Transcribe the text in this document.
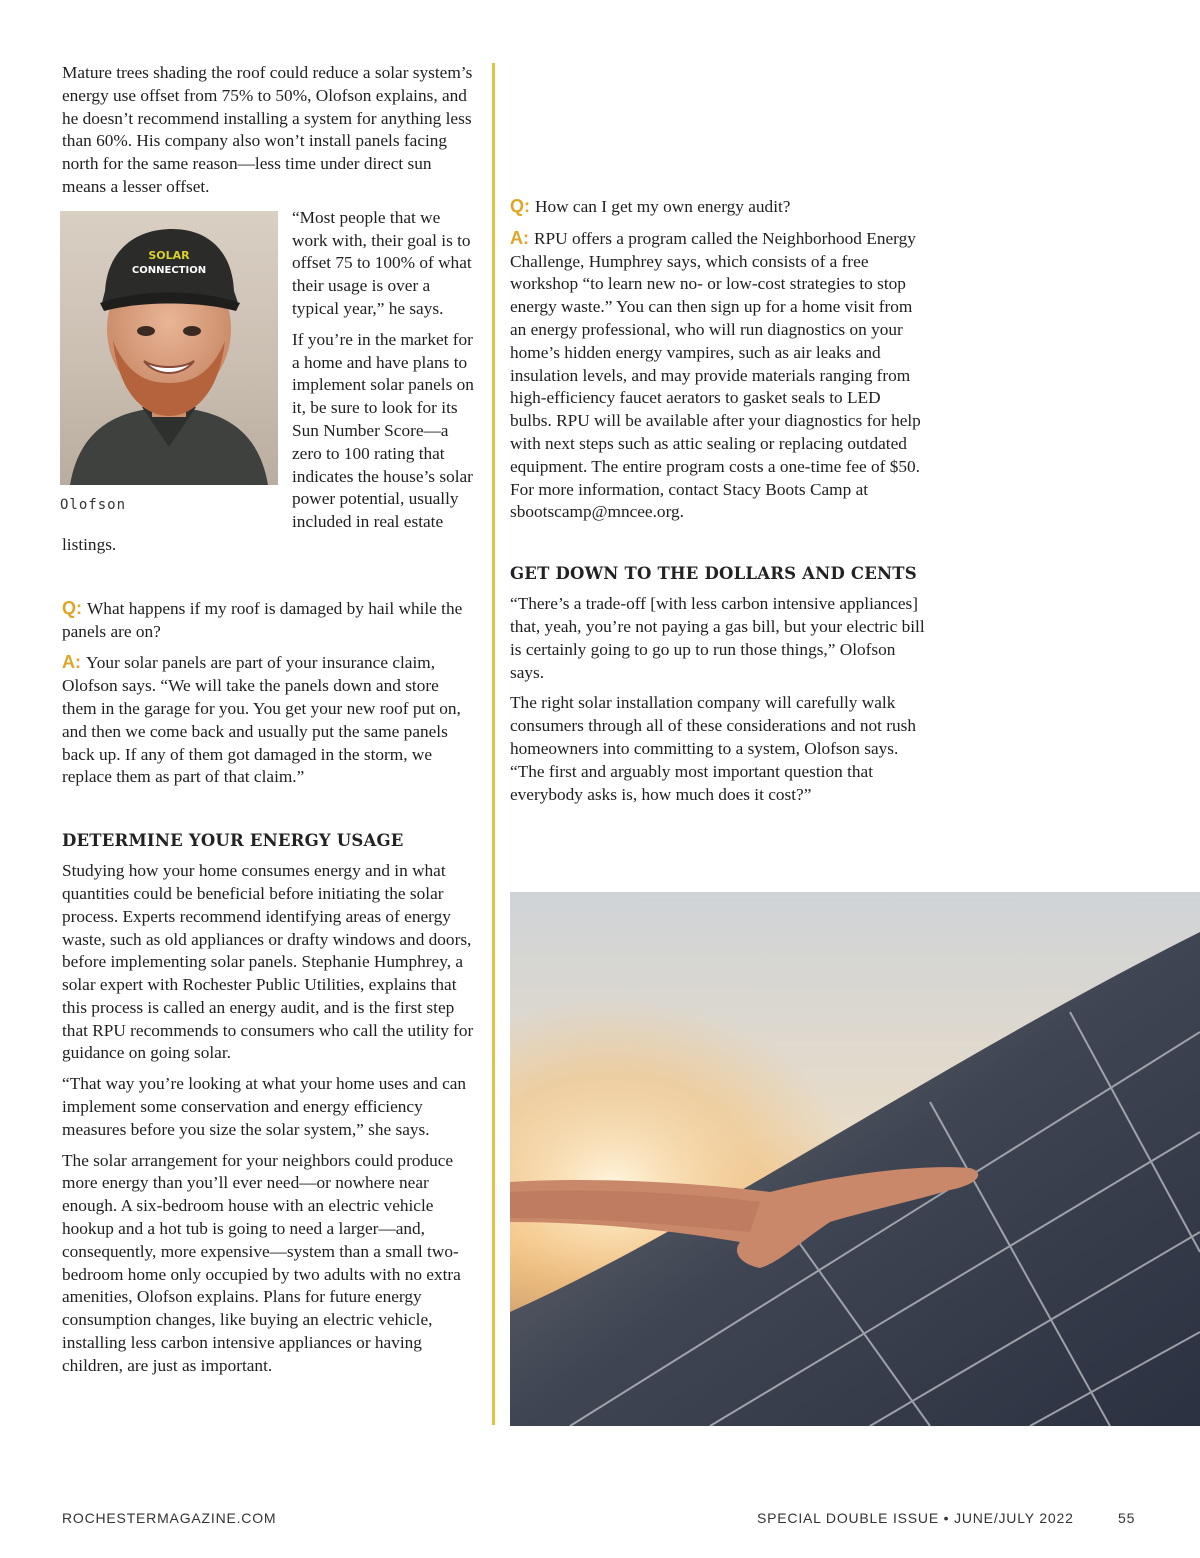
Mature trees shading the roof could reduce a solar system’s energy use offset from 75% to 50%, Olofson explains, and he doesn’t recommend installing a system for anything less than 60%. His company also won’t install panels facing north for the same reason—less time under direct sun means a lesser offset.

SOLAR
CONNECTION
Olofson

“Most people that we work with, their goal is to offset 75 to 100% of what their usage is over a typical year,” he says.

If you’re in the market for a home and have plans to implement solar panels on it, be sure to look for its Sun Number Score—a zero to 100 rating that indicates the house’s solar power potential, usually included in real estate listings.

Q: What happens if my roof is damaged by hail while the panels are on?

A: Your solar panels are part of your insurance claim, Olofson says. “We will take the panels down and store them in the garage for you. You get your new roof put on, and then we come back and usually put the same panels back up. If any of them got damaged in the storm, we replace them as part of that claim.”

DETERMINE YOUR ENERGY USAGE

Studying how your home consumes energy and in what quantities could be beneficial before initiating the solar process. Experts recommend identifying areas of energy waste, such as old appliances or drafty windows and doors, before implementing solar panels. Stephanie Humphrey, a solar expert with Rochester Public Utilities, explains that this process is called an energy audit, and is the first step that RPU recommends to consumers who call the utility for guidance on going solar.

“That way you’re looking at what your home uses and can implement some conservation and energy efficiency measures before you size the solar system,” she says.

The solar arrangement for your neighbors could produce more energy than you’ll ever need—or nowhere near enough. A six-bedroom house with an electric vehicle hookup and a hot tub is going to need a larger—and, consequently, more expensive—system than a small two-bedroom home only occupied by two adults with no extra amenities, Olofson explains. Plans for future energy consumption changes, like buying an electric vehicle, installing less carbon intensive appliances or having children, are just as important.

Q: How can I get my own energy audit?

A: RPU offers a program called the Neighborhood Energy Challenge, Humphrey says, which consists of a free workshop “to learn new no- or low-cost strategies to stop energy waste.” You can then sign up for a home visit from an energy professional, who will run diagnostics on your home’s hidden energy vampires, such as air leaks and insulation levels, and may provide materials ranging from high-efficiency faucet aerators to gasket seals to LED bulbs. RPU will be available after your diagnostics for help with next steps such as attic sealing or replacing outdated equipment. The entire program costs a one-time fee of $50. For more information, contact Stacy Boots Camp at sbootscamp@mncee.org.

GET DOWN TO THE DOLLARS AND CENTS

“There’s a trade-off [with less carbon intensive appliances] that, yeah, you’re not paying a gas bill, but your electric bill is certainly going to go up to run those things,” Olofson says.

The right solar installation company will carefully walk consumers through all of these considerations and not rush homeowners into committing to a system, Olofson says. “The first and arguably most important question that everybody asks is, how much does it cost?”

ROCHESTERMAGAZINE.COM	SPECIAL DOUBLE ISSUE • JUNE/JULY 2022	55
